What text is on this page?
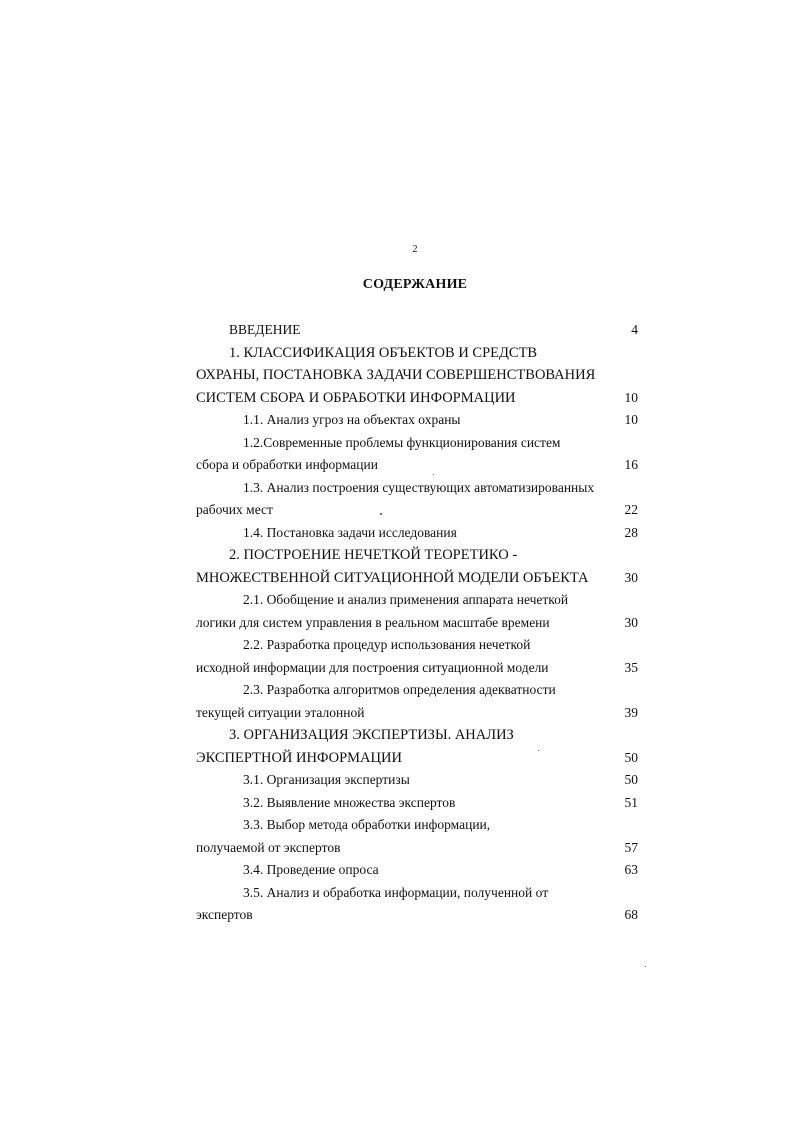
2
СОДЕРЖАНИЕ
ВВЕДЕНИЕ	4
1. КЛАССИФИКАЦИЯ ОБЪЕКТОВ И СРЕДСТВ
ОХРАНЫ, ПОСТАНОВКА ЗАДАЧИ СОВЕРШЕНСТВОВАНИЯ
СИСТЕМ СБОРА И ОБРАБОТКИ ИНФОРМАЦИИ	10
1.1. Анализ угроз на объектах охраны	10
1.2.Современные проблемы функционирования систем
сбора и обработки информации	16
1.3. Анализ построения существующих автоматизированных
рабочих мест	22
1.4. Постановка задачи исследования	28
2. ПОСТРОЕНИЕ НЕЧЕТКОЙ ТЕОРЕТИКО -
МНОЖЕСТВЕННОЙ СИТУАЦИОННОЙ МОДЕЛИ ОБЪЕКТА	30
2.1. Обобщение и анализ применения аппарата нечеткой
логики для систем управления в реальном масштабе времени	30
2.2. Разработка процедур использования нечеткой
исходной информации для построения ситуационной модели	35
2.3. Разработка алгоритмов определения адекватности
текущей ситуации эталонной	39
3. ОРГАНИЗАЦИЯ ЭКСПЕРТИЗЫ. АНАЛИЗ
ЭКСПЕРТНОЙ ИНФОРМАЦИИ	50
3.1. Организация экспертизы	50
3.2. Выявление множества экспертов	51
3.3. Выбор метода обработки информации,
получаемой от экспертов	57
3.4. Проведение опроса	63
3.5. Анализ и обработка информации, полученной от
экспертов	68
